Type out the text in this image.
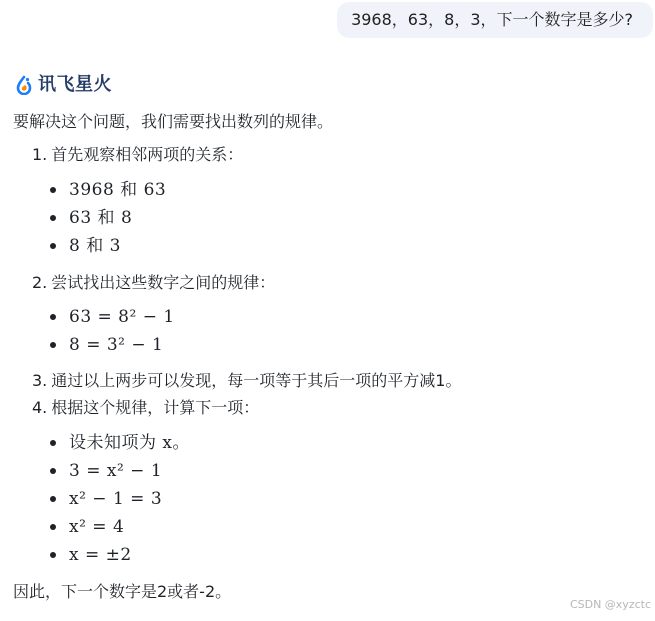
3968，63，8，3，下一个数字是多少?
讯飞星火
要解决这个问题，我们需要找出数列的规律。
1. 首先观察相邻两项的关系：
3968 和 63
63 和 8
8 和 3
2. 尝试找出这些数字之间的规律：
63 = 8² − 1
8 = 3² − 1
3. 通过以上两步可以发现，每一项等于其后一项的平方减1。
4. 根据这个规律，计算下一项：
设未知项为 x。
3 = x² − 1
x² − 1 = 3
x² = 4
x = ±2
因此，下一个数字是2或者-2。
CSDN @xyzctc
